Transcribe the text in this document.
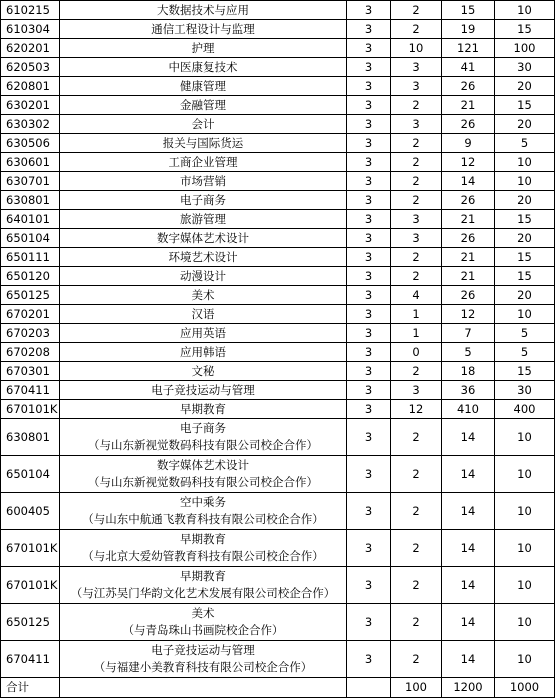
610215	大数据技术与应用	3	2	15	10
610304	通信工程设计与监理	3	2	19	15
620201	护理	3	10	121	100
620503	中医康复技术	3	3	41	30
620801	健康管理	3	3	26	20
630201	金融管理	3	2	21	15
630302	会计	3	3	26	20
630506	报关与国际货运	3	2	9	5
630601	工商企业管理	3	2	12	10
630701	市场营销	3	2	14	10
630801	电子商务	3	2	26	20
640101	旅游管理	3	3	21	15
650104	数字媒体艺术设计	3	3	26	20
650111	环境艺术设计	3	2	21	15
650120	动漫设计	3	2	21	15
650125	美术	3	4	26	20
670201	汉语	3	1	12	10
670203	应用英语	3	1	7	5
670208	应用韩语	3	0	5	5
670301	文秘	3	2	18	15
670411	电子竞技运动与管理	3	3	36	30
670101K	早期教育	3	12	410	400
630801	电子商务
（与山东新视觉数码科技有限公司校企合作）	3	2	14	10
650104	数字媒体艺术设计
（与山东新视觉数码科技有限公司校企合作）	3	2	14	10
600405	空中乘务
（与山东中航通飞教育科技有限公司校企合作）	3	2	14	10
670101K	早期教育
（与北京大爱幼管教育科技有限公司校企合作）	3	2	14	10
670101K	早期教育
（与江苏吴门华韵文化艺术发展有限公司校企合作）	3	2	14	10
650125	美术
（与青岛珠山书画院校企合作）	3	2	14	10
670411	电子竞技运动与管理
（与福建小美教育科技有限公司校企合作）	3	2	14	10
合计			100	1200	1000
